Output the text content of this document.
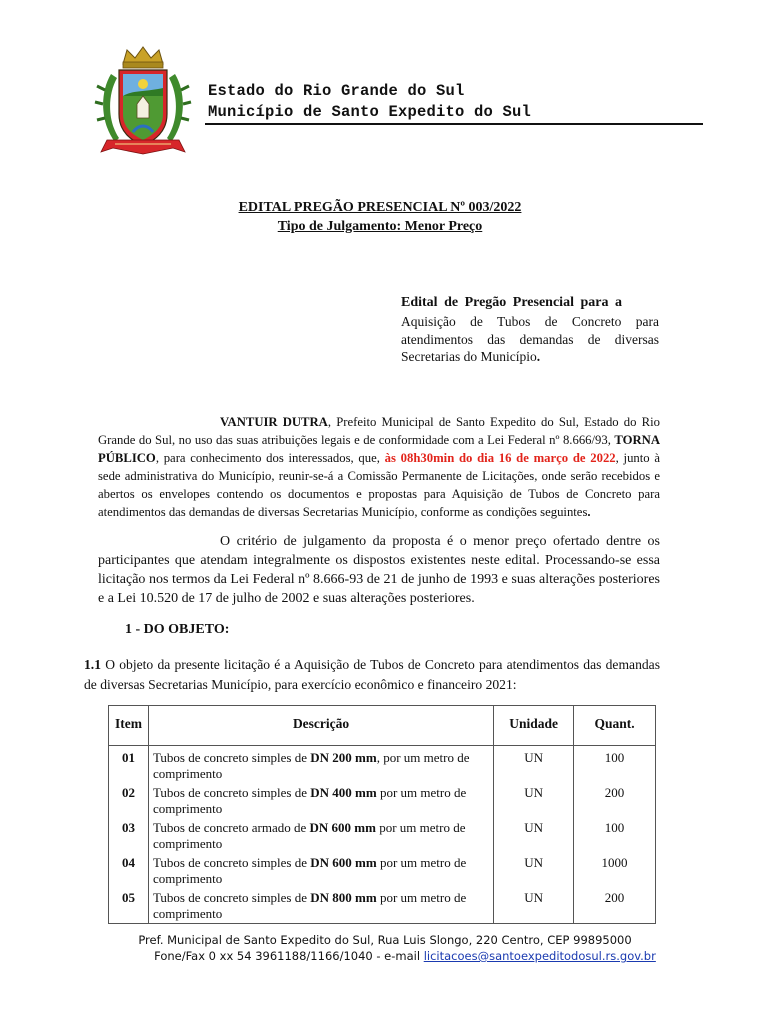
Estado do Rio Grande do Sul
Município de Santo Expedito do Sul
EDITAL PREGÃO PRESENCIAL Nº 003/2022
Tipo de Julgamento: Menor Preço
Edital de Pregão Presencial para a
Aquisição de Tubos de Concreto para atendimentos das demandas de diversas Secretarias do Município.
VANTUIR DUTRA, Prefeito Municipal de Santo Expedito do Sul, Estado do Rio Grande do Sul, no uso das suas atribuições legais e de conformidade com a Lei Federal nº 8.666/93, TORNA PÚBLICO, para conhecimento dos interessados, que, às 08h30min do dia 16 de março de 2022, junto à sede administrativa do Município, reunir-se-á a Comissão Permanente de Licitações, onde serão recebidos e abertos os envelopes contendo os documentos e propostas para Aquisição de Tubos de Concreto para atendimentos das demandas de diversas Secretarias Município, conforme as condições seguintes.
O critério de julgamento da proposta é o menor preço ofertado dentre os participantes que atendam integralmente os dispostos existentes neste edital. Processando-se essa licitação nos termos da Lei Federal nº 8.666-93 de 21 de junho de 1993 e suas alterações posteriores e a Lei 10.520 de 17 de julho de 2002 e suas alterações posteriores.
1 - DO OBJETO:
1.1 O objeto da presente licitação é a Aquisição de Tubos de Concreto para atendimentos das demandas de diversas Secretarias Município, para exercício econômico e financeiro 2021:
Item	Descrição	Unidade	Quant.
01	Tubos de concreto simples de DN 200 mm, por um metro de comprimento	UN	100
02	Tubos de concreto simples de DN 400 mm por um metro de comprimento	UN	200
03	Tubos de concreto armado de DN 600 mm por um metro de comprimento	UN	100
04	Tubos de concreto simples de DN 600 mm por um metro de comprimento	UN	1000
05	Tubos de concreto simples de DN 800 mm por um metro de comprimento	UN	200
Pref. Municipal de Santo Expedito do Sul, Rua Luis Slongo, 220 Centro, CEP 99895000
Fone/Fax 0 xx 54 3961188/1166/1040 - e-mail licitacoes@santoexpeditodosul.rs.gov.br
